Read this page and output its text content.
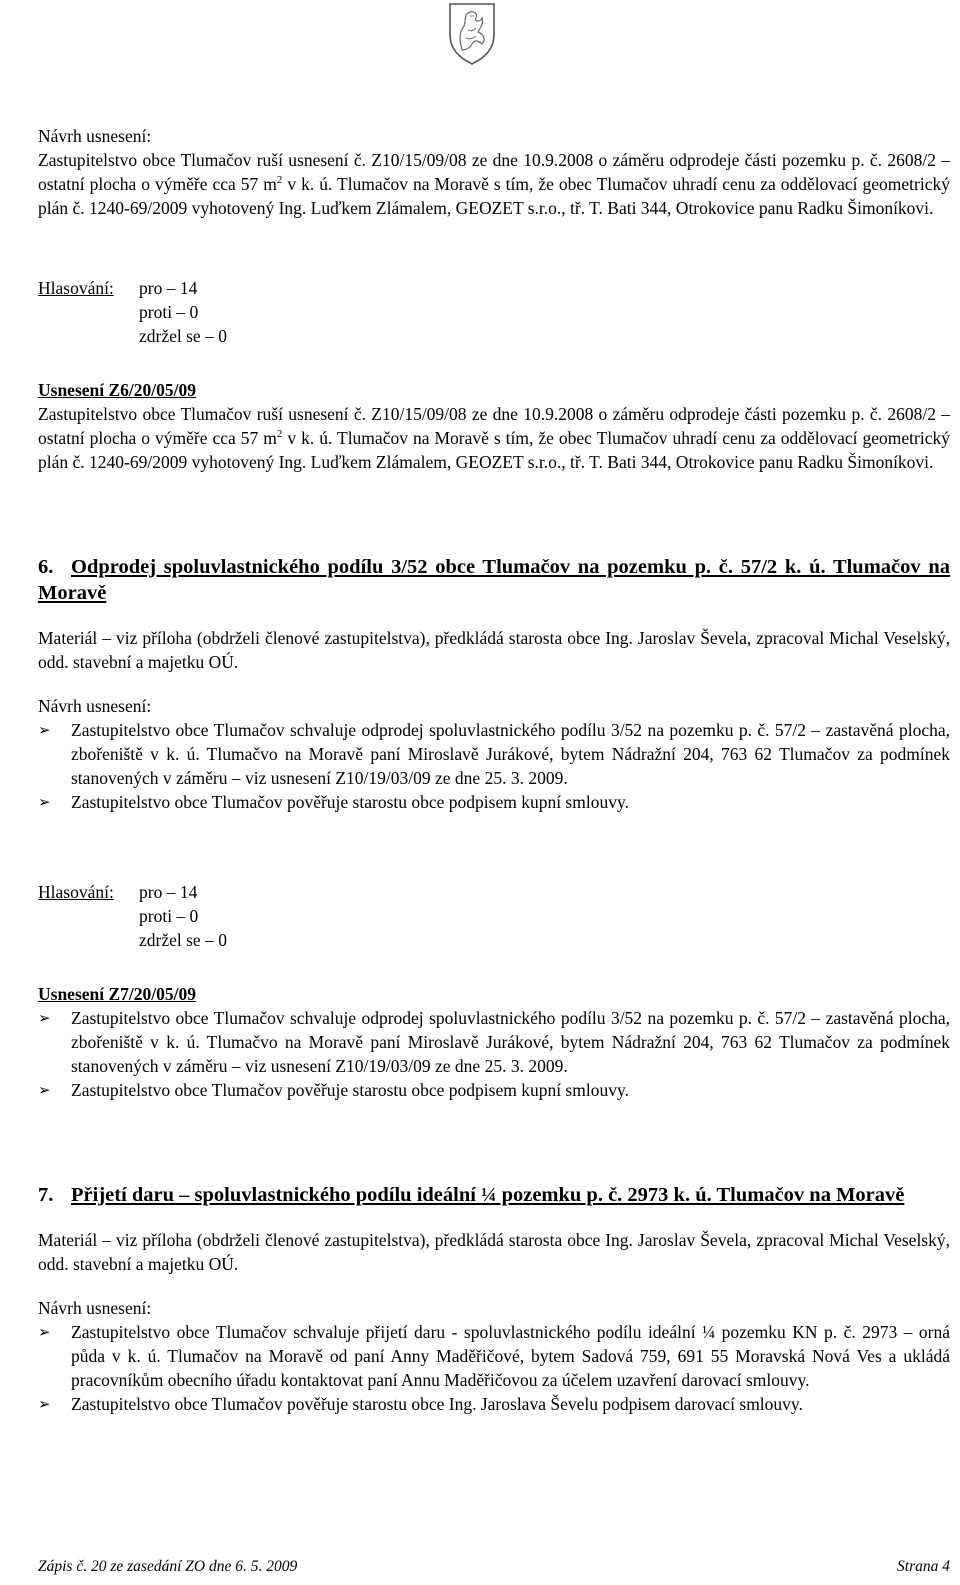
Návrh usnesení:

Zastupitelstvo obce Tlumačov ruší usnesení č. Z10/15/09/08 ze dne 10.9.2008 o záměru odprodeje části pozemku p. č. 2608/2 – ostatní plocha o výměře cca 57 $m^2$ v k. ú. Tlumačov na Moravě s tím, že obec Tlumačov uhradí cenu za oddělovací geometrický plán č. 1240-69/2009 vyhotovený Ing. Luďkem Zlámalem, GEOZET s.r.o., tř. T. Bati 344, Otrokovice panu Radku Šimoníkovi.

Hlasování: pro – 14
proti – 0
zdržel se – 0

Usnesení Z6/20/05/09

Zastupitelstvo obce Tlumačov ruší usnesení č. Z10/15/09/08 ze dne 10.9.2008 o záměru odprodeje části pozemku p. č. 2608/2 – ostatní plocha o výměře cca 57 $m^2$ v k. ú. Tlumačov na Moravě s tím, že obec Tlumačov uhradí cenu za oddělovací geometrický plán č. 1240-69/2009 vyhotovený Ing. Luďkem Zlámalem, GEOZET s.r.o., tř. T. Bati 344, Otrokovice panu Radku Šimoníkovi.

6. Odprodej spoluvlastnického podílu 3/52 obce Tlumačov na pozemku p. č. 57/2 k. ú. Tlumačov na Moravě

Materiál – viz příloha (obdrželi členové zastupitelstva), předkládá starosta obce Ing. Jaroslav Ševela, zpracoval Michal Veselský, odd. stavební a majetku OÚ.

Návrh usnesení:

➢ Zastupitelstvo obce Tlumačov schvaluje odprodej spoluvlastnického podílu 3/52 na pozemku p. č. 57/2 – zastavěná plocha, zbořeniště v k. ú. Tlumačvo na Moravě paní Miroslavě Jurákové, bytem Nádražní 204, 763 62 Tlumačov za podmínek stanovených v záměru – viz usnesení Z10/19/03/09 ze dne 25. 3. 2009.
➢ Zastupitelstvo obce Tlumačov pověřuje starostu obce podpisem kupní smlouvy.
Hlasování: pro – 14
proti – 0
zdržel se – 0

Usnesení Z7/20/05/09

➢ Zastupitelstvo obce Tlumačov schvaluje odprodej spoluvlastnického podílu 3/52 na pozemku p. č. 57/2 – zastavěná plocha, zbořeniště v k. ú. Tlumačvo na Moravě paní Miroslavě Jurákové, bytem Nádražní 204, 763 62 Tlumačov za podmínek stanovených v záměru – viz usnesení Z10/19/03/09 ze dne 25. 3. 2009.
➢ Zastupitelstvo obce Tlumačov pověřuje starostu obce podpisem kupní smlouvy.
7. Přijetí daru – spoluvlastnického podílu ideální ¼ pozemku p. č. 2973 k. ú. Tlumačov na Moravě

Materiál – viz příloha (obdrželi členové zastupitelstva), předkládá starosta obce Ing. Jaroslav Ševela, zpracoval Michal Veselský, odd. stavební a majetku OÚ.

Návrh usnesení:

➢ Zastupitelstvo obce Tlumačov schvaluje přijetí daru - spoluvlastnického podílu ideální ¼ pozemku KN p. č. 2973 – orná půda v k. ú. Tlumačov na Moravě od paní Anny Maděřičové, bytem Sadová 759, 691 55 Moravská Nová Ves a ukládá pracovníkům obecního úřadu kontaktovat paní Annu Maděřičovou za účelem uzavření darovací smlouvy.
➢ Zastupitelstvo obce Tlumačov pověřuje starostu obce Ing. Jaroslava Ševelu podpisem darovací smlouvy.
Zápis č. 20 ze zasedání ZO dne 6. 5. 2009	Strana 4
